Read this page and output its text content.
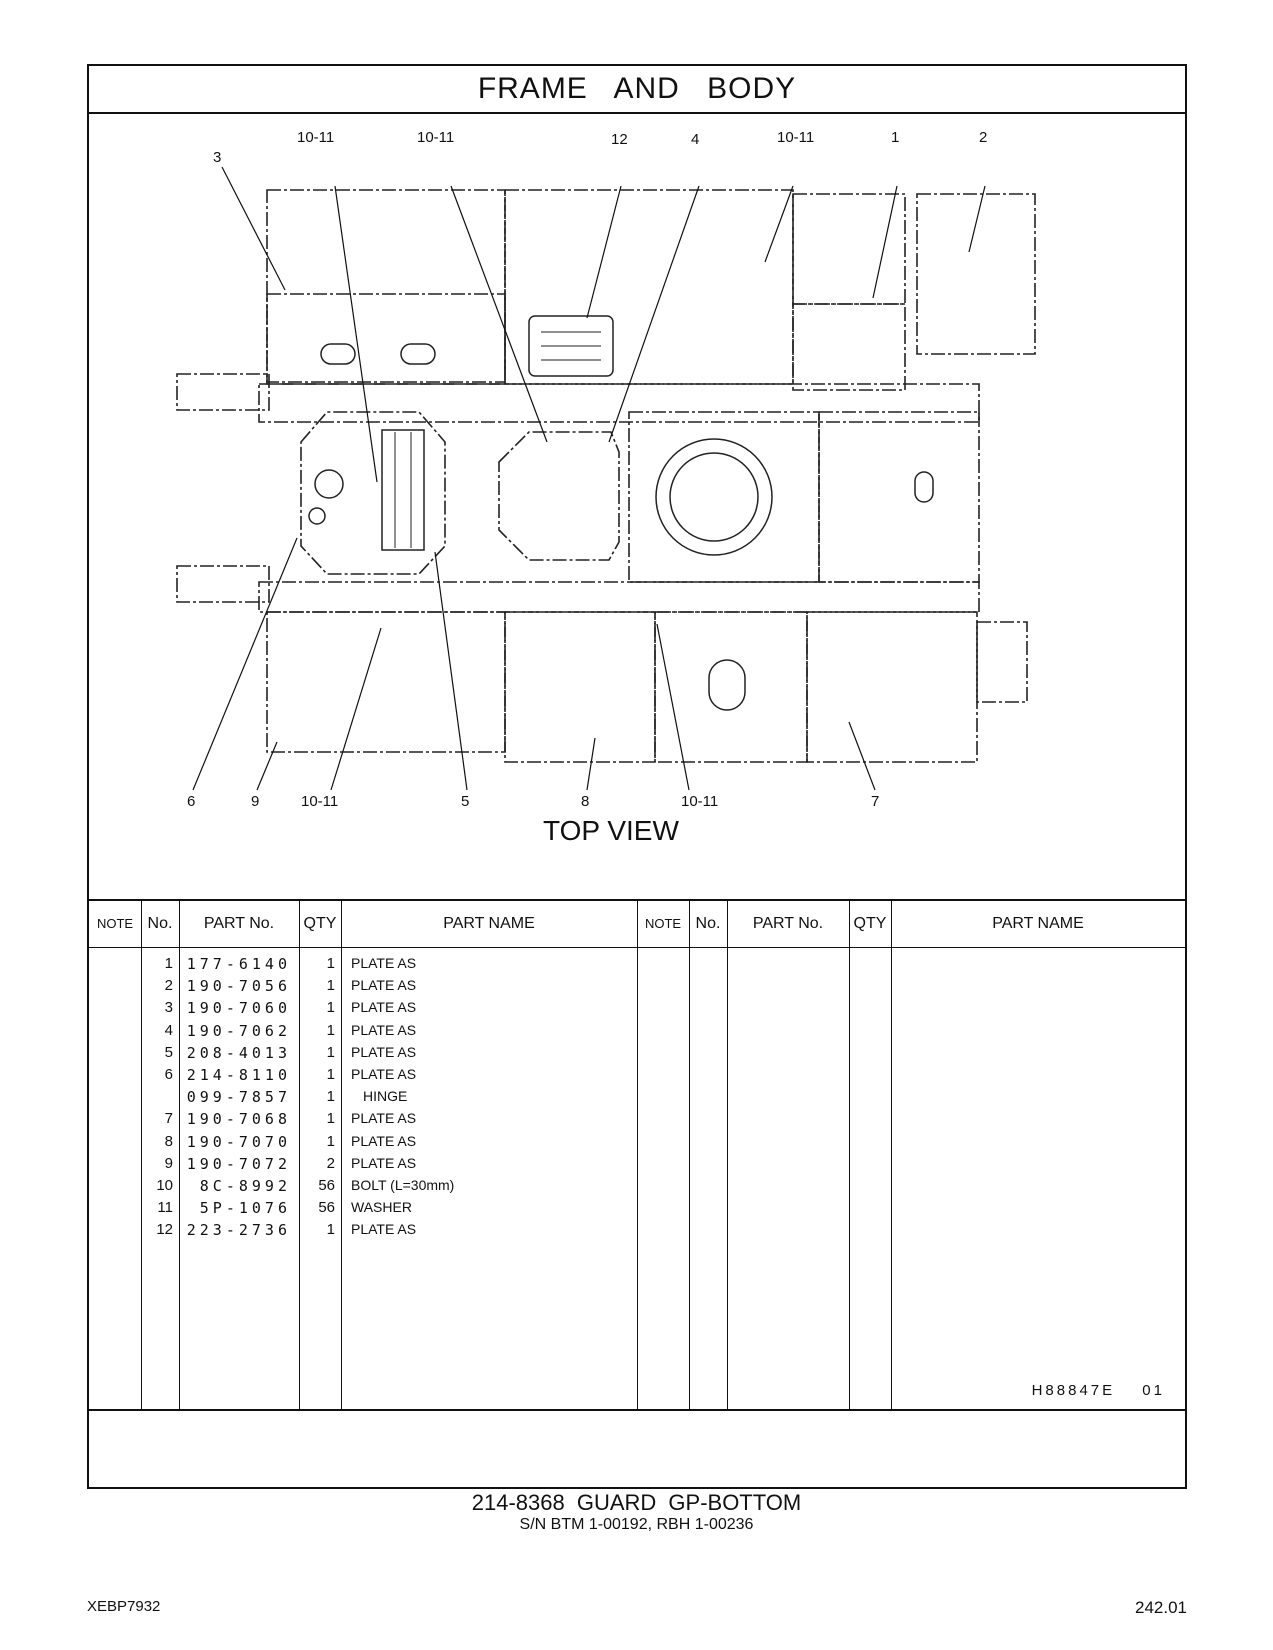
FRAME AND BODY
3
10-11	10-11	12	4	10-11	1	2
6	9	10-11	5	8	10-11	7
TOP VIEW
NOTE No.	PART No.	QTY	PART NAME	NOTE No.	PART No.	QTY	PART NAME
1 177-6140	1 PLATE AS
2 190-7056	1 PLATE AS
3 190-7060	1 PLATE AS
4 190-7062	1 PLATE AS
5 208-4013	1 PLATE AS
6 214-8110	1 PLATE AS
099-7857	1 HINGE
7 190-7068	1 PLATE AS
8 190-7070	1 PLATE AS
9 190-7072	2 PLATE AS
10	8C-8992	56 BOLT (L=30mm)
11	5P-1076	56 WASHER
12 223-2736	1 PLATE AS
H88847E 01
214-8368 GUARD GP-BOTTOM
S/N BTM 1-00192, RBH 1-00236
XEBP7932	242.01
